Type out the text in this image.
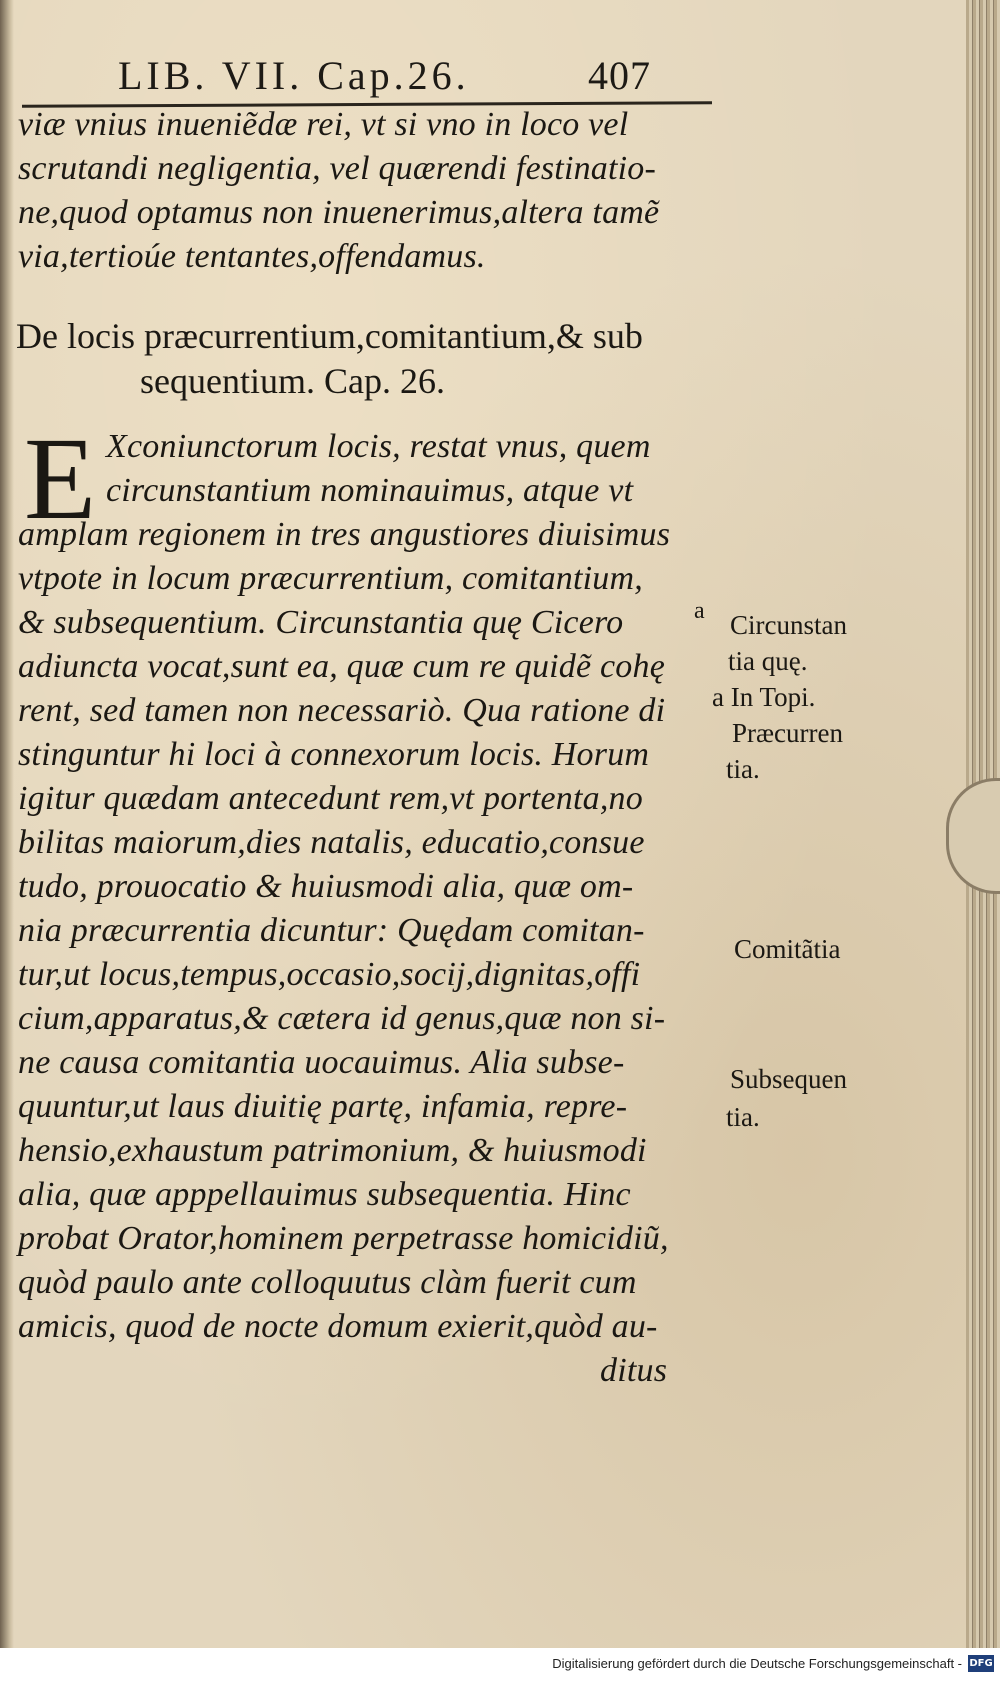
LIB. VII. Cap.26.	407
viæ vnius inueniẽdæ rei, vt si vno in loco vel
scrutandi negligentia, vel quærendi festinatio-
ne,quod optamus non inuenerimus,altera tamẽ
via,tertioúe tentantes,offendamus.
De locis præcurrentium,comitantium,& sub
sequentium. Cap. 26.
E Xconiunctorum locis, restat vnus, quem
circunstantium nominauimus, atque vt
amplam regionem in tres angustiores diuisimus
vtpote in locum præcurrentium, comitantium,
& subsequentium. Circunstantia quę Cicero	a
adiuncta vocat,sunt ea, quæ cum re quidẽ cohę
rent, sed tamen non necessariò. Qua ratione di
stinguntur hi loci à connexorum locis. Horum
igitur quædam antecedunt rem,vt portenta,no
bilitas maiorum,dies natalis, educatio,consue
tudo, prouocatio & huiusmodi alia, quæ om-
nia præcurrentia dicuntur: Quędam comitan-
tur,ut locus,tempus,occasio,socij,dignitas,offi
cium,apparatus,& cætera id genus,quæ non si-
ne causa comitantia uocauimus. Alia subse-
quuntur,ut laus diuitię partę, infamia, repre-
hensio,exhaustum patrimonium, & huiusmodi
alia, quæ apppellauimus subsequentia. Hinc
probat Orator,hominem perpetrasse homicidiũ,
quòd paulo ante colloquutus clàm fuerit cum
amicis, quod de nocte domum exierit,quòd au-
ditus
Circunstan
tia quę.
a In Topi.
Præcurren
tia.
Comitãtia
Subsequen
tia.
Digitalisierung gefördert durch die Deutsche Forschungsgemeinschaft - DFG
